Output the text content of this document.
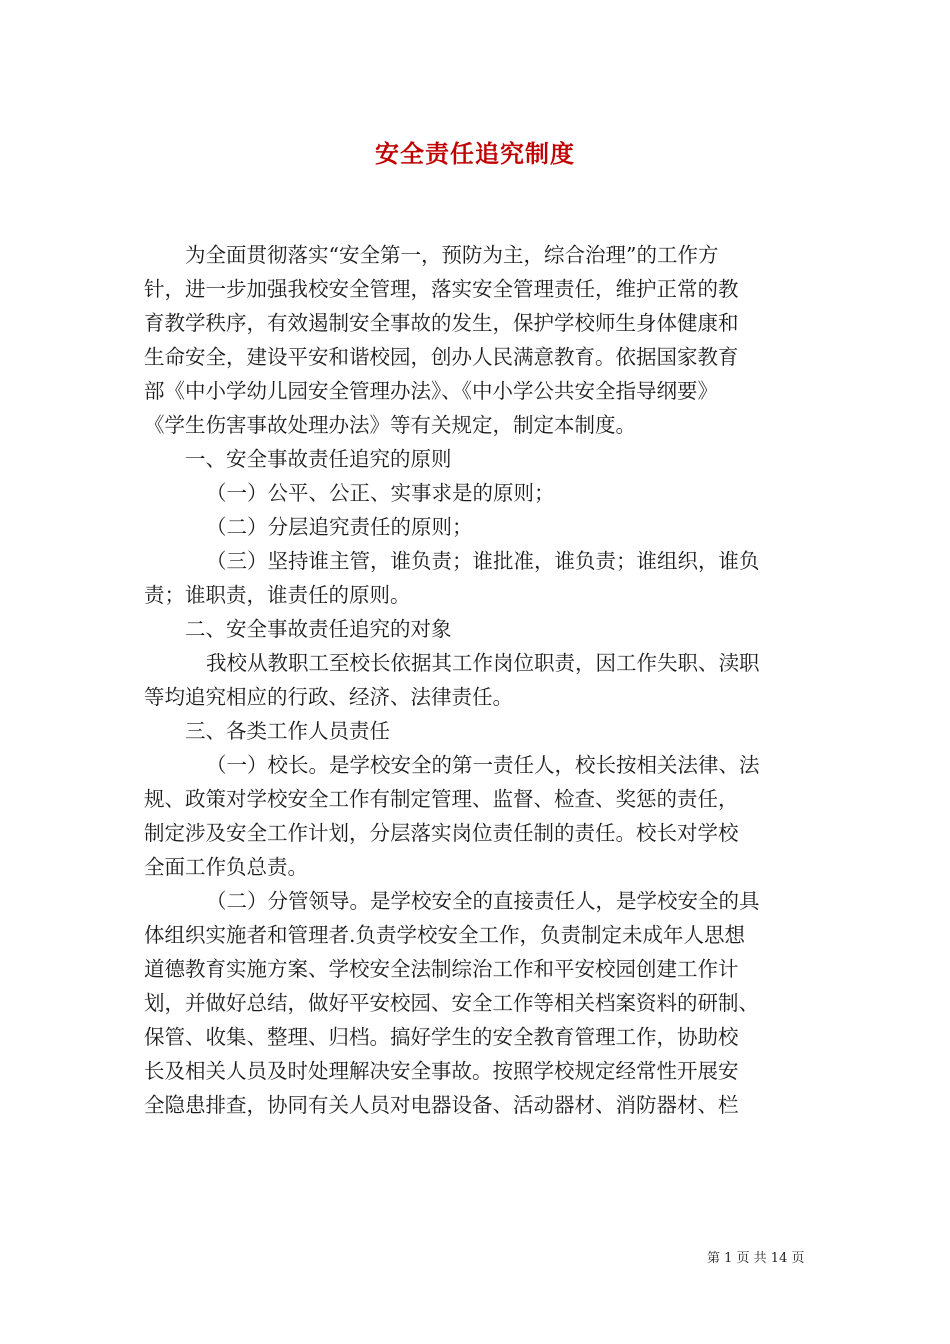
安全责任追究制度
为全面贯彻落实“安全第一，预防为主，综合治理”的工作方
针，进一步加强我校安全管理，落实安全管理责任，维护正常的教
育教学秩序，有效遏制安全事故的发生，保护学校师生身体健康和
生命安全，建设平安和谐校园，创办人民满意教育。依据国家教育
部《中小学幼儿园安全管理办法》、《中小学公共安全指导纲要》
《学生伤害事故处理办法》等有关规定，制定本制度。
一、安全事故责任追究的原则
（一）公平、公正、实事求是的原则；
（二）分层追究责任的原则；
（三）坚持谁主管，谁负责；谁批准，谁负责；谁组织，谁负
责；谁职责，谁责任的原则。
二、安全事故责任追究的对象
我校从教职工至校长依据其工作岗位职责，因工作失职、渎职
等均追究相应的行政、经济、法律责任。
三、各类工作人员责任
（一）校长。是学校安全的第一责任人，校长按相关法律、法
规、政策对学校安全工作有制定管理、监督、检查、奖惩的责任，
制定涉及安全工作计划，分层落实岗位责任制的责任。校长对学校
全面工作负总责。
（二）分管领导。是学校安全的直接责任人，是学校安全的具
体组织实施者和管理者.负责学校安全工作，负责制定未成年人思想
道德教育实施方案、学校安全法制综治工作和平安校园创建工作计
划，并做好总结，做好平安校园、安全工作等相关档案资料的研制、
保管、收集、整理、归档。搞好学生的安全教育管理工作，协助校
长及相关人员及时处理解决安全事故。按照学校规定经常性开展安
全隐患排查，协同有关人员对电器设备、活动器材、消防器材、栏
第 1 页 共 14 页
